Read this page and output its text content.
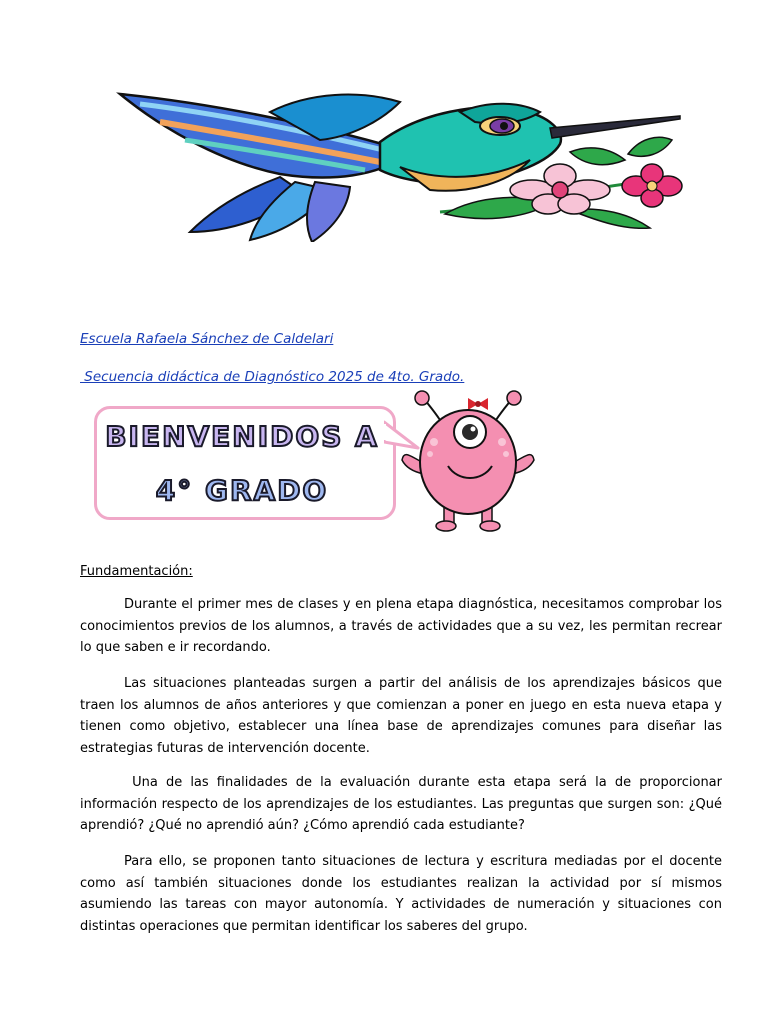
Escuela Rafaela Sánchez de Caldelari
Secuencia didáctica de Diagnóstico 2025 de 4to. Grado.
BIENVENIDOS A
4° GRADO
Fundamentación:

Durante el primer mes de clases y en plena etapa diagnóstica, necesitamos comprobar los conocimientos previos de los alumnos, a través de actividades que a su vez, les permitan recrear lo que saben e ir recordando.

Las situaciones planteadas surgen a partir del análisis de los aprendizajes básicos que traen los alumnos de años anteriores y que comienzan a poner en juego en esta nueva etapa y tienen como objetivo, establecer una línea base de aprendizajes comunes para diseñar las estrategias futuras de intervención docente.

Una de las finalidades de la evaluación durante esta etapa será la de proporcionar información respecto de los aprendizajes de los estudiantes. Las preguntas que surgen son: ¿Qué aprendió? ¿Qué no aprendió aún? ¿Cómo aprendió cada estudiante?

Para ello, se proponen tanto situaciones de lectura y escritura mediadas por el docente como así también situaciones donde los estudiantes realizan la actividad por sí mismos asumiendo las tareas con mayor autonomía. Y actividades de numeración y situaciones con distintas operaciones que permitan identificar los saberes del grupo.
